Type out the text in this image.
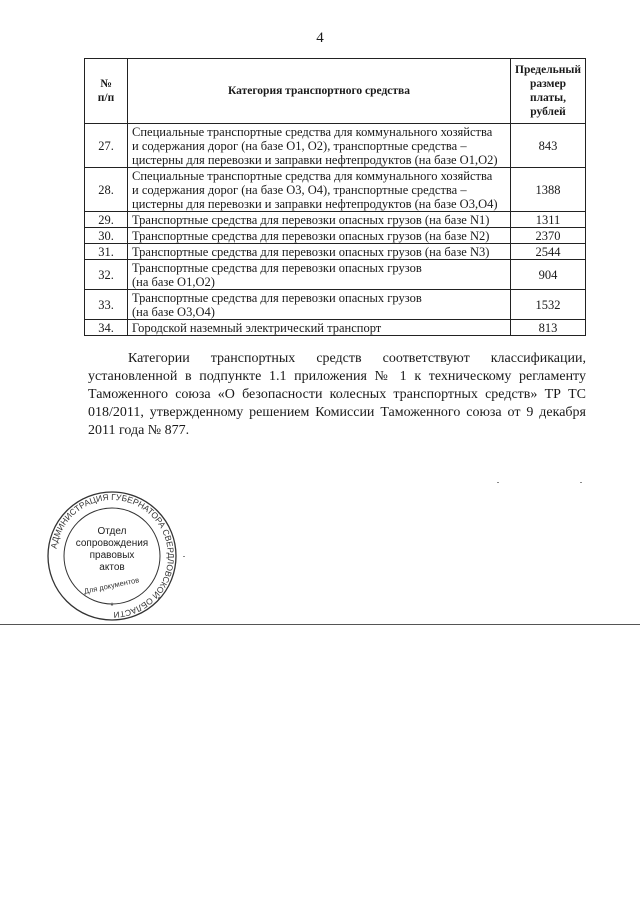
4
№
п/п	Категория транспортного средства	Предельный
размер
платы,
рублей
27.	Специальные транспортные средства для коммунального хозяйства
и содержания дорог (на базе O1, O2), транспортные средства –
цистерны для перевозки и заправки нефтепродуктов (на базе O1,O2)	843
28.	Специальные транспортные средства для коммунального хозяйства
и содержания дорог (на базе O3, O4), транспортные средства –
цистерны для перевозки и заправки нефтепродуктов (на базе O3,O4)	1388
29.	Транспортные средства для перевозки опасных грузов (на базе N1)	1311
30.	Транспортные средства для перевозки опасных грузов (на базе N2)	2370
31.	Транспортные средства для перевозки опасных грузов (на базе N3)	2544
32.	Транспортные средства для перевозки опасных грузов
(на базе O1,O2)	904
33.	Транспортные средства для перевозки опасных грузов
(на базе O3,O4)	1532
34.	Городской наземный электрический транспорт	813
Категории транспортных средств соответствуют классификации, установленной в подпункте 1.1 приложения № 1 к техническому регламенту Таможенного союза «О безопасности колесных транспортных средств» ТР ТС 018/2011, утвержденному решением Комиссии Таможенного союза от 9 декабря 2011 года № 877.
АДМИНИСТРАЦИЯ ГУБЕРНАТОРА СВЕРДЛОВСКОЙ ОБЛАСТИ
Отдел
сопровождения
правовых
актов
Для документов
*
